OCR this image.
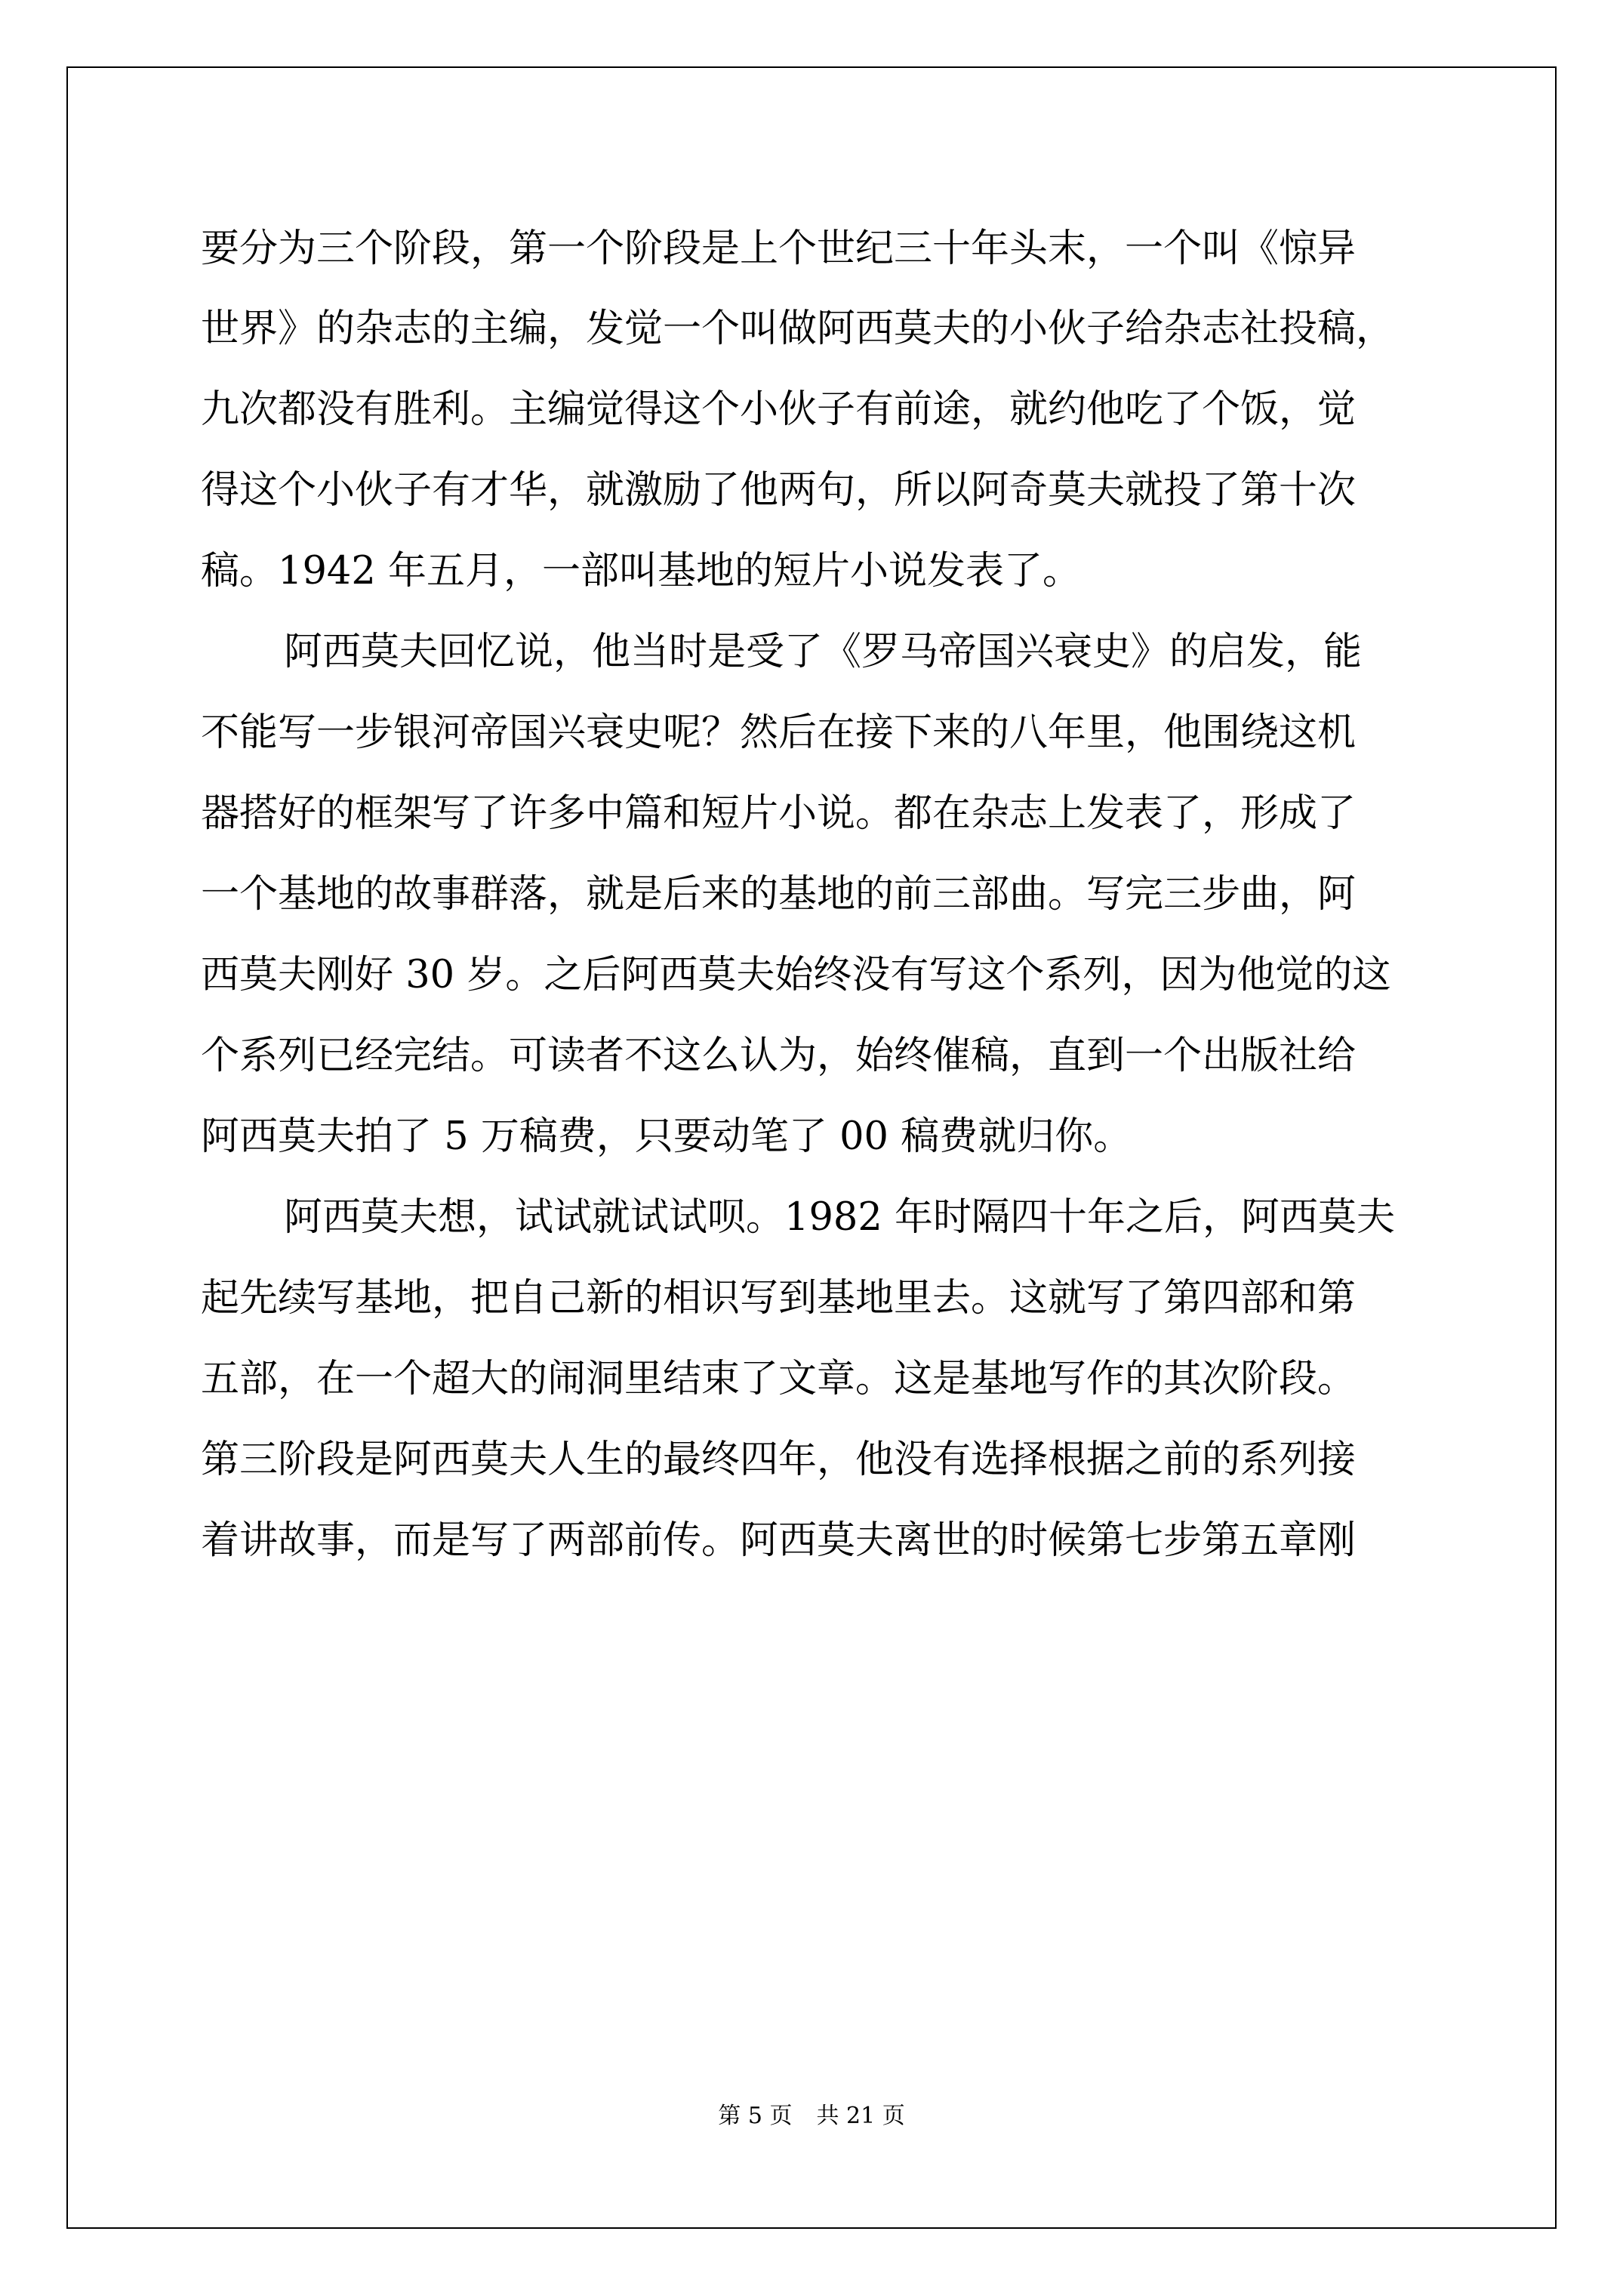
要分为三个阶段，第一个阶段是上个世纪三十年头末，一个叫《惊异
世界》的杂志的主编，发觉一个叫做阿西莫夫的小伙子给杂志社投稿，
九次都没有胜利。主编觉得这个小伙子有前途，就约他吃了个饭，觉
得这个小伙子有才华，就激励了他两句，所以阿奇莫夫就投了第十次
稿。1942 年五月，一部叫基地的短片小说发表了。
阿西莫夫回忆说，他当时是受了《罗马帝国兴衰史》的启发，能
不能写一步银河帝国兴衰史呢？然后在接下来的八年里，他围绕这机
器搭好的框架写了许多中篇和短片小说。都在杂志上发表了，形成了
一个基地的故事群落，就是后来的基地的前三部曲。写完三步曲，阿
西莫夫刚好 30 岁。之后阿西莫夫始终没有写这个系列，因为他觉的这
个系列已经完结。可读者不这么认为，始终催稿，直到一个出版社给
阿西莫夫拍了 5 万稿费，只要动笔了 00 稿费就归你。
阿西莫夫想，试试就试试呗。1982 年时隔四十年之后，阿西莫夫
起先续写基地，把自己新的相识写到基地里去。这就写了第四部和第
五部，在一个超大的闹洞里结束了文章。这是基地写作的其次阶段。
第三阶段是阿西莫夫人生的最终四年，他没有选择根据之前的系列接
着讲故事，而是写了两部前传。阿西莫夫离世的时候第七步第五章刚
第 5 页 共 21 页
